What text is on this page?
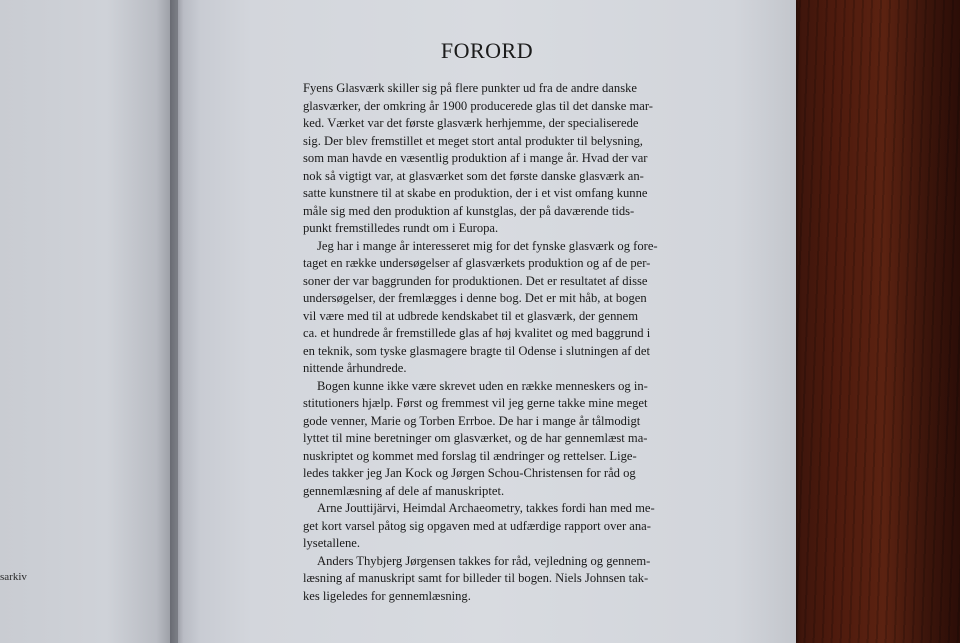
sarkiv
FORORD
Fyens Glasværk skiller sig på flere punkter ud fra de andre danske
glasværker, der omkring år 1900 producerede glas til det danske mar-
ked. Værket var det første glasværk herhjemme, der specialiserede
sig. Der blev fremstillet et meget stort antal produkter til belysning,
som man havde en væsentlig produktion af i mange år. Hvad der var
nok så vigtigt var, at glasværket som det første danske glasværk an-
satte kunstnere til at skabe en produktion, der i et vist omfang kunne
måle sig med den produktion af kunstglas, der på daværende tids-
punkt fremstilledes rundt om i Europa.
Jeg har i mange år interesseret mig for det fynske glasværk og fore-
taget en række undersøgelser af glasværkets produktion og af de per-
soner der var baggrunden for produktionen. Det er resultatet af disse
undersøgelser, der fremlægges i denne bog. Det er mit håb, at bogen
vil være med til at udbrede kendskabet til et glasværk, der gennem
ca. et hundrede år fremstillede glas af høj kvalitet og med baggrund i
en teknik, som tyske glasmagere bragte til Odense i slutningen af det
nittende århundrede.
Bogen kunne ikke være skrevet uden en række menneskers og in-
stitutioners hjælp. Først og fremmest vil jeg gerne takke mine meget
gode venner, Marie og Torben Errboe. De har i mange år tålmodigt
lyttet til mine beretninger om glasværket, og de har gennemlæst ma-
nuskriptet og kommet med forslag til ændringer og rettelser. Lige-
ledes takker jeg Jan Kock og Jørgen Schou-Christensen for råd og
gennemlæsning af dele af manuskriptet.
Arne Jouttijärvi, Heimdal Archaeometry, takkes fordi han med me-
get kort varsel påtog sig opgaven med at udfærdige rapport over ana-
lysetallene.
Anders Thybjerg Jørgensen takkes for råd, vejledning og gennem-
læsning af manuskript samt for billeder til bogen. Niels Johnsen tak-
kes ligeledes for gennemlæsning.
